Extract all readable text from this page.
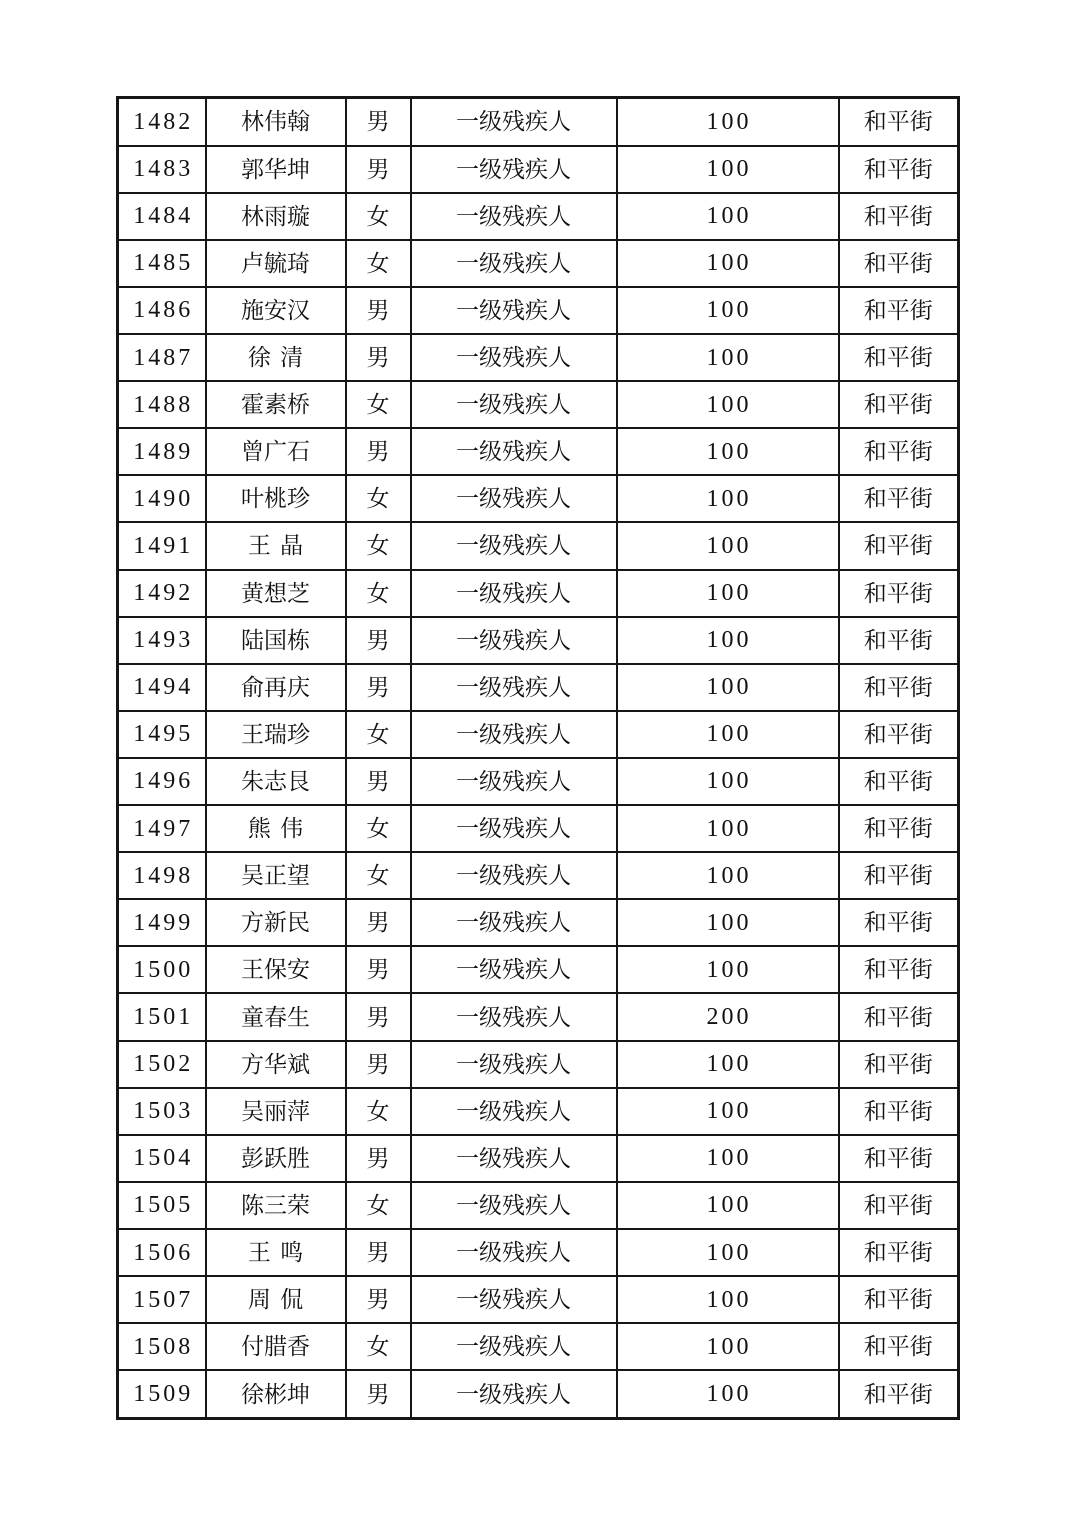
1482	林伟翰	男	一级残疾人	100	和平街
1483	郭华坤	男	一级残疾人	100	和平街
1484	林雨璇	女	一级残疾人	100	和平街
1485	卢毓琦	女	一级残疾人	100	和平街
1486	施安汉	男	一级残疾人	100	和平街
1487	徐清	男	一级残疾人	100	和平街
1488	霍素桥	女	一级残疾人	100	和平街
1489	曾广石	男	一级残疾人	100	和平街
1490	叶桃珍	女	一级残疾人	100	和平街
1491	王晶	女	一级残疾人	100	和平街
1492	黄想芝	女	一级残疾人	100	和平街
1493	陆国栋	男	一级残疾人	100	和平街
1494	俞再庆	男	一级残疾人	100	和平街
1495	王瑞珍	女	一级残疾人	100	和平街
1496	朱志艮	男	一级残疾人	100	和平街
1497	熊伟	女	一级残疾人	100	和平街
1498	吴正望	女	一级残疾人	100	和平街
1499	方新民	男	一级残疾人	100	和平街
1500	王保安	男	一级残疾人	100	和平街
1501	童春生	男	一级残疾人	200	和平街
1502	方华斌	男	一级残疾人	100	和平街
1503	吴丽萍	女	一级残疾人	100	和平街
1504	彭跃胜	男	一级残疾人	100	和平街
1505	陈三荣	女	一级残疾人	100	和平街
1506	王鸣	男	一级残疾人	100	和平街
1507	周侃	男	一级残疾人	100	和平街
1508	付腊香	女	一级残疾人	100	和平街
1509	徐彬坤	男	一级残疾人	100	和平街
